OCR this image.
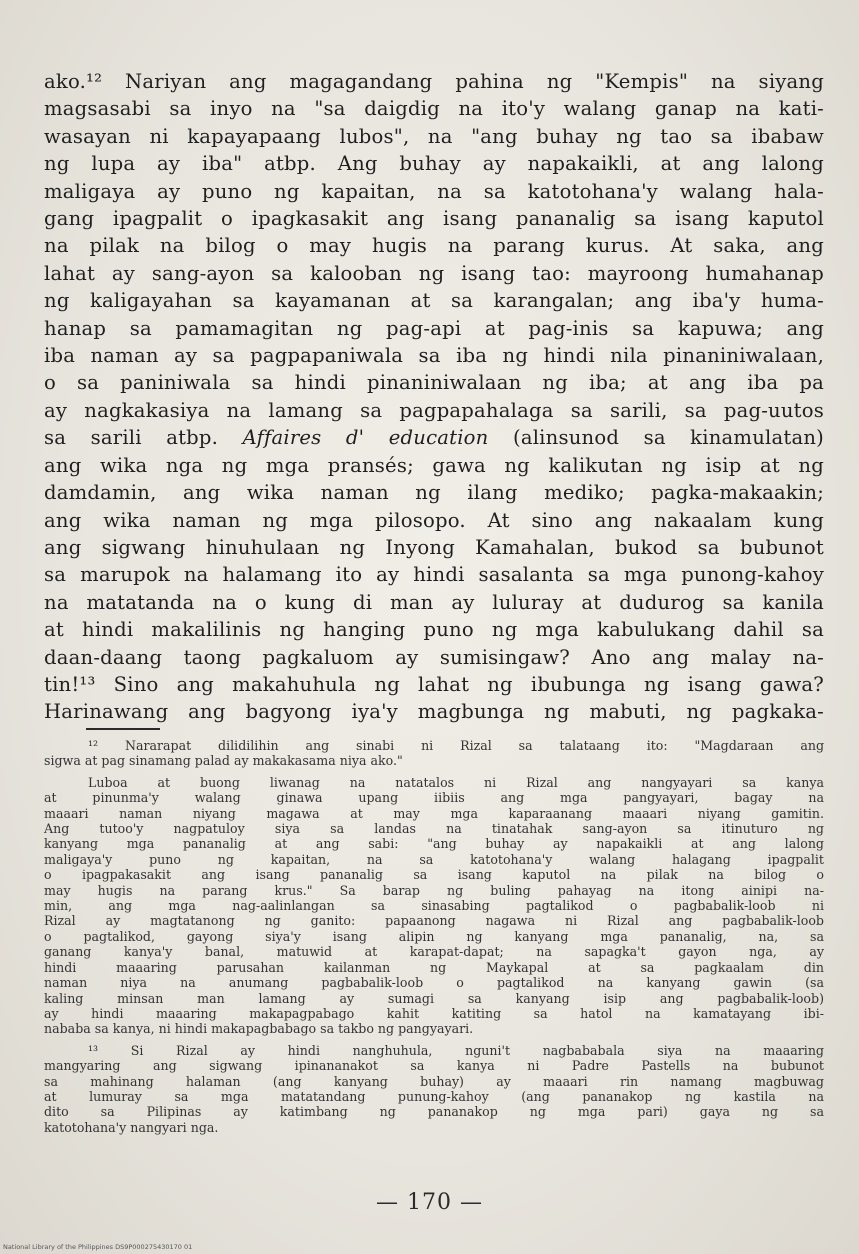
ako.¹² Nariyan ang magagandang pahina ng "Kempis" na siyang
magsasabi sa inyo na "sa daigdig na ito'y walang ganap na kati-
wasayan ni kapayapaang lubos", na "ang buhay ng tao sa ibabaw
ng lupa ay iba" atbp. Ang buhay ay napakaikli, at ang lalong
maligaya ay puno ng kapaitan, na sa katotohana'y walang hala-
gang ipagpalit o ipagkasakit ang isang pananalig sa isang kaputol
na pilak na bilog o may hugis na parang kurus. At saka, ang
lahat ay sang-ayon sa kalooban ng isang tao: mayroong humahanap
ng kaligayahan sa kayamanan at sa karangalan; ang iba'y huma-
hanap sa pamamagitan ng pag-api at pag-inis sa kapuwa; ang
iba naman ay sa pagpapaniwala sa iba ng hindi nila pinaniniwalaan,
o sa paniniwala sa hindi pinaniniwalaan ng iba; at ang iba pa
ay nagkakasiya na lamang sa pagpapahalaga sa sarili, sa pag-uutos
sa sarili atbp. Affaires d' education (alinsunod sa kinamulatan)
ang wika nga ng mga pransés; gawa ng kalikutan ng isip at ng
damdamin, ang wika naman ng ilang mediko; pagka-makaakin;
ang wika naman ng mga pilosopo. At sino ang nakaalam kung
ang sigwang hinuhulaan ng Inyong Kamahalan, bukod sa bubunot
sa marupok na halamang ito ay hindi sasalanta sa mga punong-kahoy
na matatanda na o kung di man ay luluray at dudurog sa kanila
at hindi makalilinis ng hanging puno ng mga kabulukang dahil sa
daan-daang taong pagkaluom ay sumisingaw? Ano ang malay na-
tin!¹³ Sino ang makahuhula ng lahat ng ibubunga ng isang gawa?
Harinawang ang bagyong iya'y magbunga ng mabuti, ng pagkaka-
¹² Nararapat dilidilihin ang sinabi ni Rizal sa talataang ito: "Magdaraan ang
sigwa at pag sinamang palad ay makakasama niya ako."
Luboa at buong liwanag na natatalos ni Rizal ang nangyayari sa kanya
at pinunma'y walang ginawa upang iibiis ang mga pangyayari, bagay na
maaari naman niyang magawa at may mga kaparaanang maaari niyang gamitin.
Ang tutoo'y nagpatuloy siya sa landas na tinatahak sang-ayon sa itinuturo ng
kanyang mga pananalig at ang sabi: "ang buhay ay napakaikli at ang lalong
maligaya'y puno ng kapaitan, na sa katotohana'y walang halagang ipagpalit
o ipagpakasakit ang isang pananalig sa isang kaputol na pilak na bilog o
may hugis na parang krus." Sa barap ng buling pahayag na itong ainipi na-
min, ang mga nag-aalinlangan sa sinasabing pagtalikod o pagbabalik-loob ni
Rizal ay magtatanong ng ganito: papaanong nagawa ni Rizal ang pagbabalik-loob
o pagtalikod, gayong siya'y isang alipin ng kanyang mga pananalig, na, sa
ganang kanya'y banal, matuwid at karapat-dapat; na sapagka't gayon nga, ay
hindi maaaring parusahan kailanman ng Maykapal at sa pagkaalam din
naman niya na anumang pagbabalik-loob o pagtalikod na kanyang gawin (sa
kaling minsan man lamang ay sumagi sa kanyang isip ang pagbabalik-loob)
ay hindi maaaring makapagpabago kahit katiting sa hatol na kamatayang ibi-
nababa sa kanya, ni hindi makapagbabago sa takbo ng pangyayari.
¹³ Si Rizal ay hindi nanghuhula, nguni't nagbababala siya na maaaring
mangyaring ang sigwang ipinananakot sa kanya ni Padre Pastells na bubunot
sa mahinang halaman (ang kanyang buhay) ay maaari rin namang magbuwag
at lumuray sa mga matatandang punung-kahoy (ang pananakop ng kastila na
dito sa Pilipinas ay katimbang ng pananakop ng mga pari) gaya ng sa
katotohana'y nangyari nga.
— 170 —
National Library of the Philippines DS9P000275430170 01
